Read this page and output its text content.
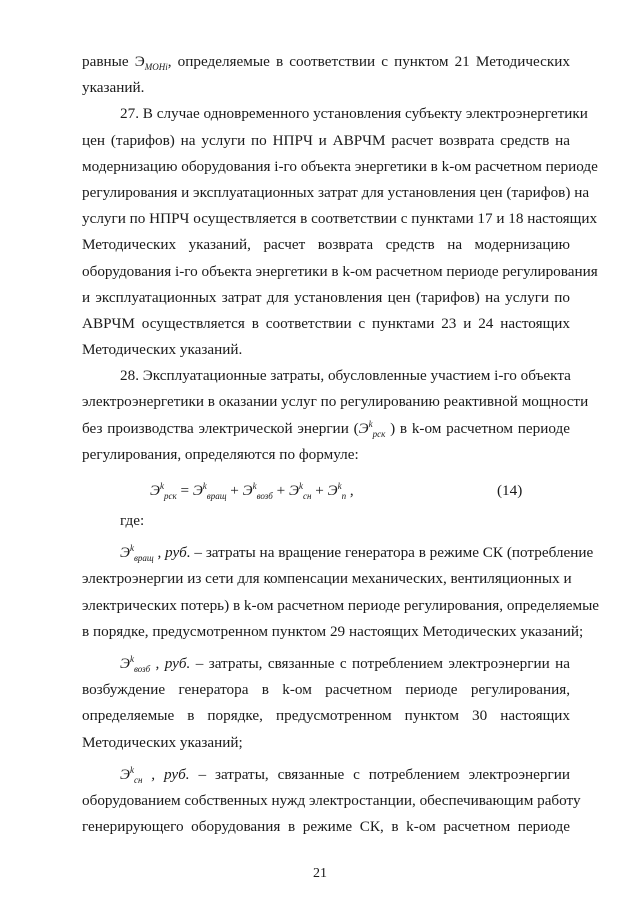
равные $Э_{МОНi}$, определяемые в соответствии с пунктом 21 Методических
указаний.
27. В случае одновременного установления субъекту электроэнергетики
цен (тарифов) на услуги по НПРЧ и АВРЧМ расчет возврата средств на
модернизацию оборудования i-го объекта энергетики в k-ом расчетном периоде
регулирования и эксплуатационных затрат для установления цен (тарифов) на
услуги по НПРЧ осуществляется в соответствии с пунктами 17 и 18 настоящих
Методических указаний, расчет возврата средств на модернизацию
оборудования i-го объекта энергетики в k-ом расчетном периоде регулирования
и эксплуатационных затрат для установления цен (тарифов) на услуги по
АВРЧМ осуществляется в соответствии с пунктами 23 и 24 настоящих
Методических указаний.
28. Эксплуатационные затраты, обусловленные участием i-го объекта
электроэнергетики в оказании услуг по регулированию реактивной мощности
без производства электрической энергии ($Э^k_{рск}$ ) в k-ом расчетном периоде
регулирования, определяются по формуле:
$Э^k_{рск} = Э^k_{вращ} + Э^k_{возб} + Э^k_{сн} + Э^k_п$ ,	(14)
где:
$Э^k_{вращ}$ , руб. – затраты на вращение генератора в режиме СК (потребление
электроэнергии из сети для компенсации механических, вентиляционных и
электрических потерь) в k-ом расчетном периоде регулирования, определяемые
в порядке, предусмотренном пунктом 29 настоящих Методических указаний;
$Э^k_{возб}$ , руб. – затраты, связанные с потреблением электроэнергии на
возбуждение генератора в k-ом расчетном периоде регулирования,
определяемые в порядке, предусмотренном пунктом 30 настоящих
Методических указаний;
$Э^k_{сн}$ , руб. – затраты, связанные с потреблением электроэнергии
оборудованием собственных нужд электростанции, обеспечивающим работу
генерирующего оборудования в режиме СК, в k-ом расчетном периоде
21
